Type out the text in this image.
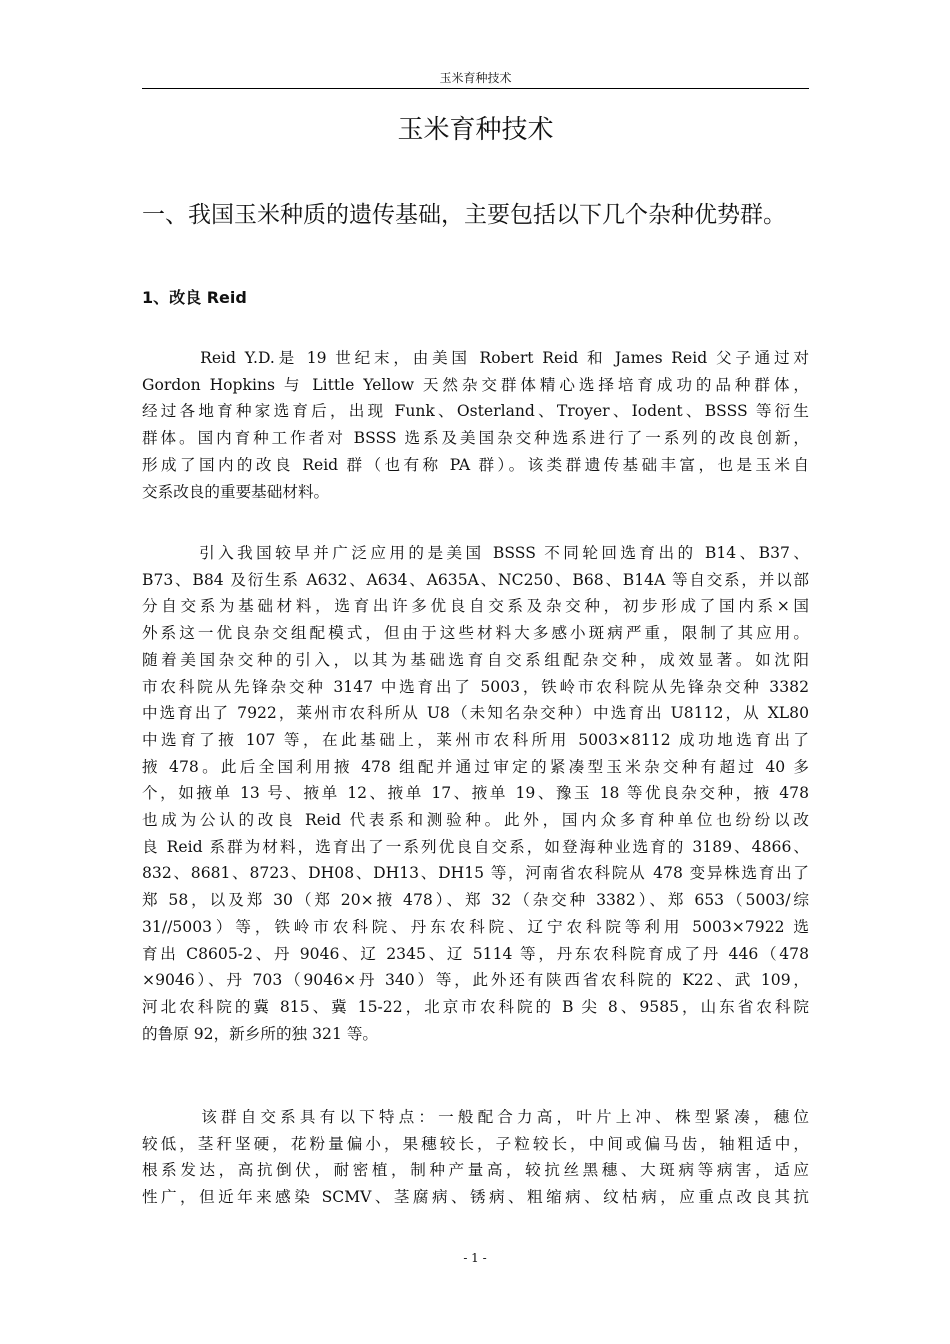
玉米育种技术
玉米育种技术
一、我国玉米种质的遗传基础，主要包括以下几个杂种优势群。
1、改良 Reid
　　　Reid Y.D.是 19 世纪末，由美国 Robert Reid 和 James Reid 父子通过对
Gordon Hopkins 与 Little Yellow 天然杂交群体精心选择培育成功的品种群体，
经过各地育种家选育后，出现 Funk、Osterland、Troyer、Iodent、BSSS 等衍生
群体。国内育种工作者对 BSSS 选系及美国杂交种选系进行了一系列的改良创新，
形成了国内的改良 Reid 群（也有称 PA 群）。该类群遗传基础丰富，也是玉米自
交系改良的重要基础材料。
　　　引入我国较早并广泛应用的是美国 BSSS 不同轮回选育出的 B14、B37、
B73、B84 及衍生系 A632、A634、A635A、NC250、B68、B14A 等自交系，并以部
分自交系为基础材料，选育出许多优良自交系及杂交种，初步形成了国内系×国
外系这一优良杂交组配模式，但由于这些材料大多感小斑病严重，限制了其应用。
随着美国杂交种的引入，以其为基础选育自交系组配杂交种，成效显著。如沈阳
市农科院从先锋杂交种 3147 中选育出了 5003，铁岭市农科院从先锋杂交种 3382
中选育出了 7922，莱州市农科所从 U8（未知名杂交种）中选育出 U8112，从 XL80
中选育了掖 107 等，在此基础上，莱州市农科所用 5003×8112 成功地选育出了
掖 478。此后全国利用掖 478 组配并通过审定的紧凑型玉米杂交种有超过 40 多
个，如掖单 13 号、掖单 12、掖单 17、掖单 19、豫玉 18 等优良杂交种，掖 478
也成为公认的改良 Reid 代表系和测验种。此外，国内众多育种单位也纷纷以改
良 Reid 系群为材料，选育出了一系列优良自交系，如登海种业选育的 3189、4866、
832、8681、8723、DH08、DH13、DH15 等，河南省农科院从 478 变异株选育出了
郑 58，以及郑 30（郑 20×掖 478）、郑 32（杂交种 3382）、郑 653（5003/综
31//5003）等，铁岭市农科院、丹东农科院、辽宁农科院等利用 5003×7922 选
育出 C8605-2、丹 9046、辽 2345、辽 5114 等，丹东农科院育成了丹 446（478
×9046）、丹 703（9046×丹 340）等，此外还有陕西省农科院的 K22、武 109，
河北农科院的冀 815、冀 15-22，北京市农科院的 B 尖 8、9585，山东省农科院
的鲁原 92，新乡所的独 321 等。
　　　该群自交系具有以下特点：一般配合力高，叶片上冲、株型紧凑，穗位
较低，茎秆坚硬，花粉量偏小，果穗较长，子粒较长，中间或偏马齿，轴粗适中，
根系发达，高抗倒伏，耐密植，制种产量高，较抗丝黑穗、大斑病等病害，适应
性广，但近年来感染 SCMV、茎腐病、锈病、粗缩病、纹枯病，应重点改良其抗
- 1 -
